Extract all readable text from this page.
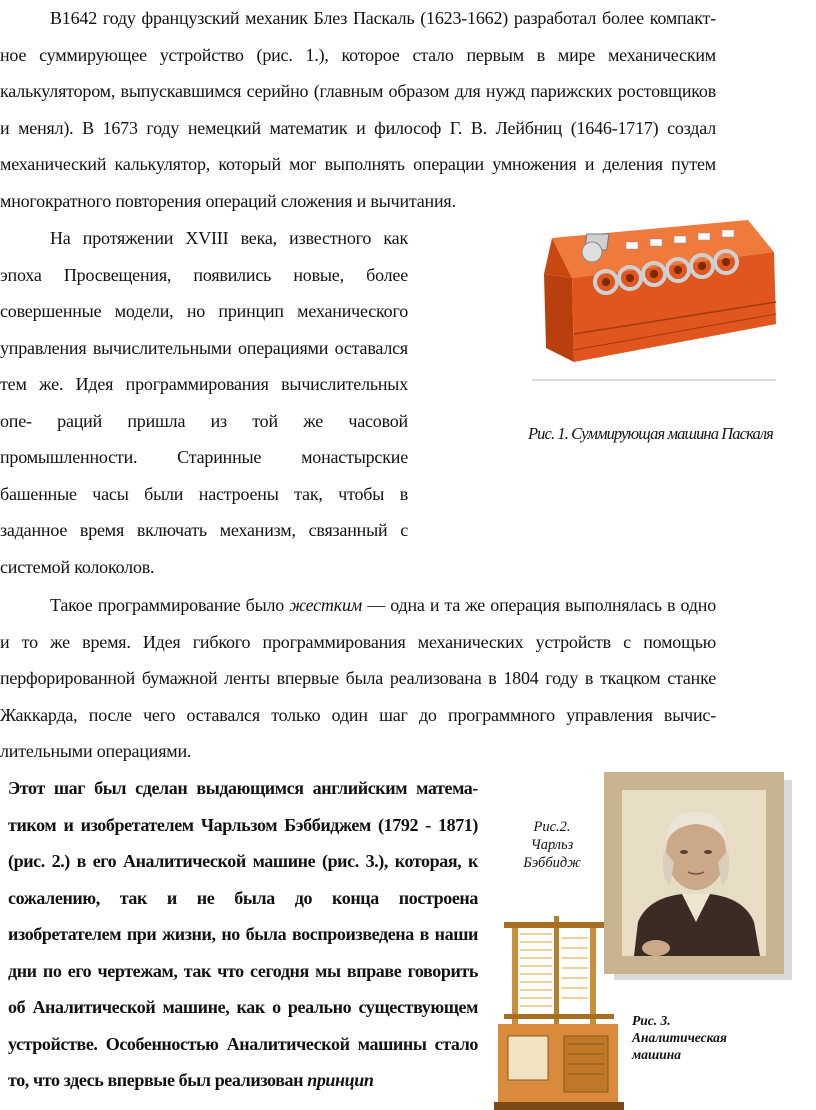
В1642 году французский механик Блез Паскаль (1623-1662) разработал более компакт-ное суммирующее устройство (рис. 1.), которое стало первым в мире механическим калькулятором, выпускавшимся серийно (главным образом для нужд парижских ростовщиков и менял). В 1673 году немецкий математик и философ Г. В. Лейбниц (1646-1717) создал механический калькулятор, который мог выполнять операции умножения и деления путем многократного повторения операций сложения и вычитания.

На протяжении XVIII века, известного как эпоха Просвещения, появились новые, более совершенные модели, но принцип механического управления вычислительными операциями оставался тем же. Идея программирования вычислительных опе- раций пришла из той же часовой промышленности. Старинные монастырские башенные часы были настроены так, чтобы в заданное время включать механизм, связанный с системой колоколов.

Рис. 1. Суммирующая машина Паскаля

Такое программирование было жестким — одна и та же операция выполнялась в одно и то же время. Идея гибкого программирования механических устройств с помощью перфорированной бумажной ленты впервые была реализована в 1804 году в ткацком станке Жаккарда, после чего оставался только один шаг до программного управления вычис-лительными операциями.

Этот шаг был сделан выдающимся английским матема-тиком и изобретателем Чарльзом Бэббиджем (1792 - 1871) (рис. 2.) в его Аналитической машине (рис. 3.), которая, к сожалению, так и не была до конца построена изобретателем при жизни, но была воспроизведена в наши дни по его чертежам, так что сегодня мы вправе говорить об Аналитической машине, как о реально существующем устройстве. Особенностью Аналитической машины стало то, что здесь впервые был реализован принцип

Рис.2. Чарльз Бэббидж

Рис. 3. Аналитическая машина
